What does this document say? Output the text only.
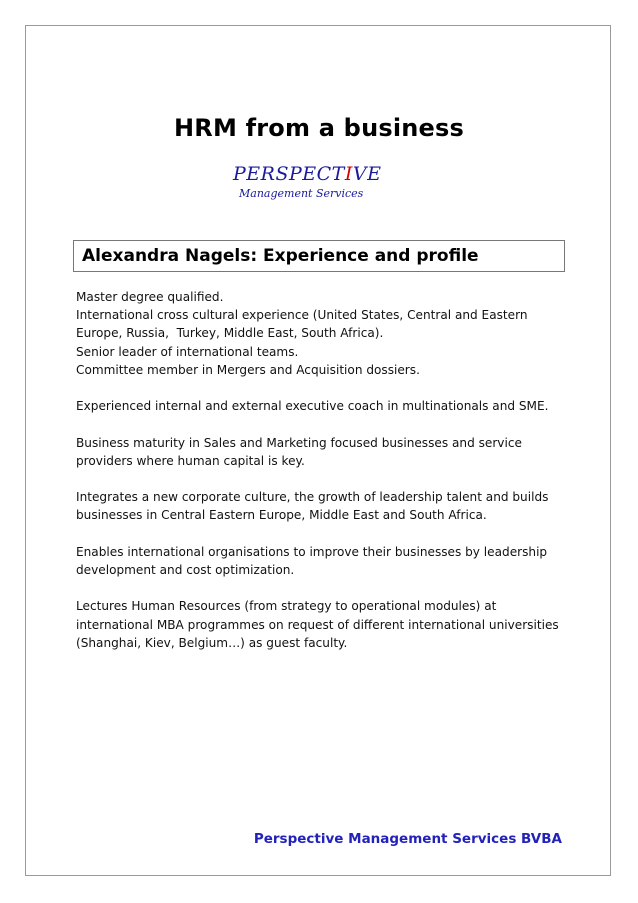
HRM from a business
PERSPECTIVE
Management Services
Alexandra Nagels: Experience and profile

Master degree qualified.
International cross cultural experience (United States, Central and Eastern
Europe, Russia,  Turkey, Middle East, South Africa).
Senior leader of international teams.
Committee member in Mergers and Acquisition dossiers.

Experienced internal and external executive coach in multinationals and SME.

Business maturity in Sales and Marketing focused businesses and service
providers where human capital is key.

Integrates a new corporate culture, the growth of leadership talent and builds
businesses in Central Eastern Europe, Middle East and South Africa.

Enables international organisations to improve their businesses by leadership
development and cost optimization.

Lectures Human Resources (from strategy to operational modules) at
international MBA programmes on request of different international universities
(Shanghai, Kiev, Belgium…) as guest faculty.

Perspective Management Services BVBA
